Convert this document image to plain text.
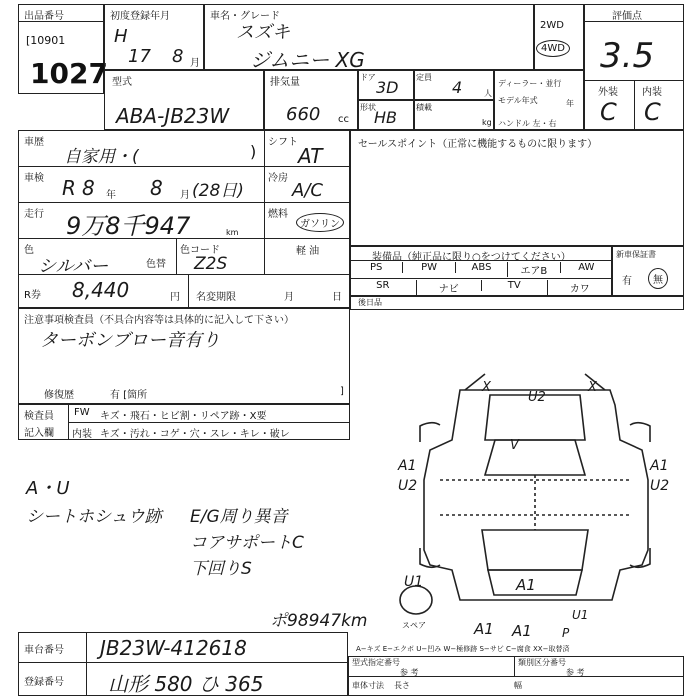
出品番号
[10901
1027
初度登録年月
H
17 8 月
車名・グレード
スズキ
ジムニー XG
2WD
4WD
評価点
3.5
外装 内装
C C
型式
ABA-JB23W
排気量
660 cc
ドア
3D
定員
4	人
形状
HB
積載
kg
ディーラー・並行
モデル年式	年
ハンドル 左・右
車歴
自家用・(	) シフト
AT
車検 R 8 年 8 月 (28日)
冷房
A/C
走行 9万8千947	km
燃料
ガソリン
軽 油
色
シルバー	色替
色コード
Z2S
R券 8,440	円 名変期限	月	日
セールスポイント（正常に機能するものに限ります）
装備品（純正品に限り○をつけてください）
PS	PW	ABS	エアB	AW
SR	ナビ	TV	カワ
新車保証書
有	無
後日品
注意事項検査員（不具合内容等は具体的に記入して下さい）
ターボンブロー音有り
修復歴	有 [箇所	]
検査員
記入欄
FW キズ・飛石・ヒビ割・リペア跡・X要
内装 キズ・汚れ・コゲ・穴・スレ・キレ・破レ
A・U
シートホシュウ跡 E/G周り異音
コアサポートC
下回りS
X	X
U2
V
A1
U2
A1
U2
U1
A1 A1
A1
U1
P
スペア
ポ98947km
A−キズ E−エクボ U−凹み W−極修跡 S−サビ C−腐食 XX−取替済
車台番号 JB23W-412618
登録番号 山形 580 ひ 365
型式指定番号
参 考
類別区分番号
参 考
車体寸法 長さ	幅
